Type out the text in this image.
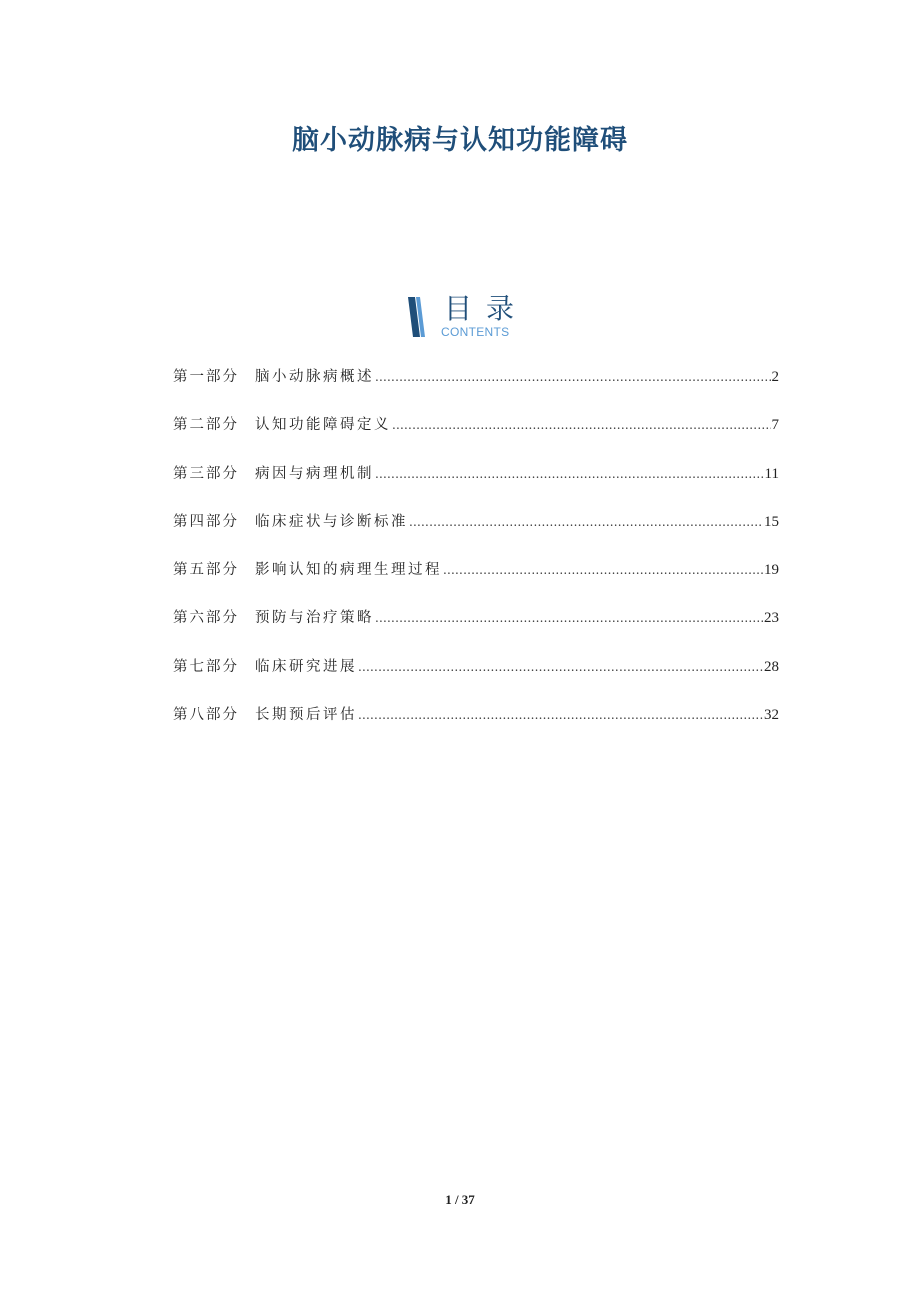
脑小动脉病与认知功能障碍
目录
CONTENTS
第一部分	脑小动脉病概述 .....	2
第二部分	认知功能障碍定义 .....	7
第三部分	病因与病理机制 .....	11
第四部分	临床症状与诊断标准 .....	15
第五部分	影响认知的病理生理过程 .....	19
第六部分	预防与治疗策略 .....	23
第七部分	临床研究进展 .....	28
第八部分	长期预后评估 .....	32
1 / 37
